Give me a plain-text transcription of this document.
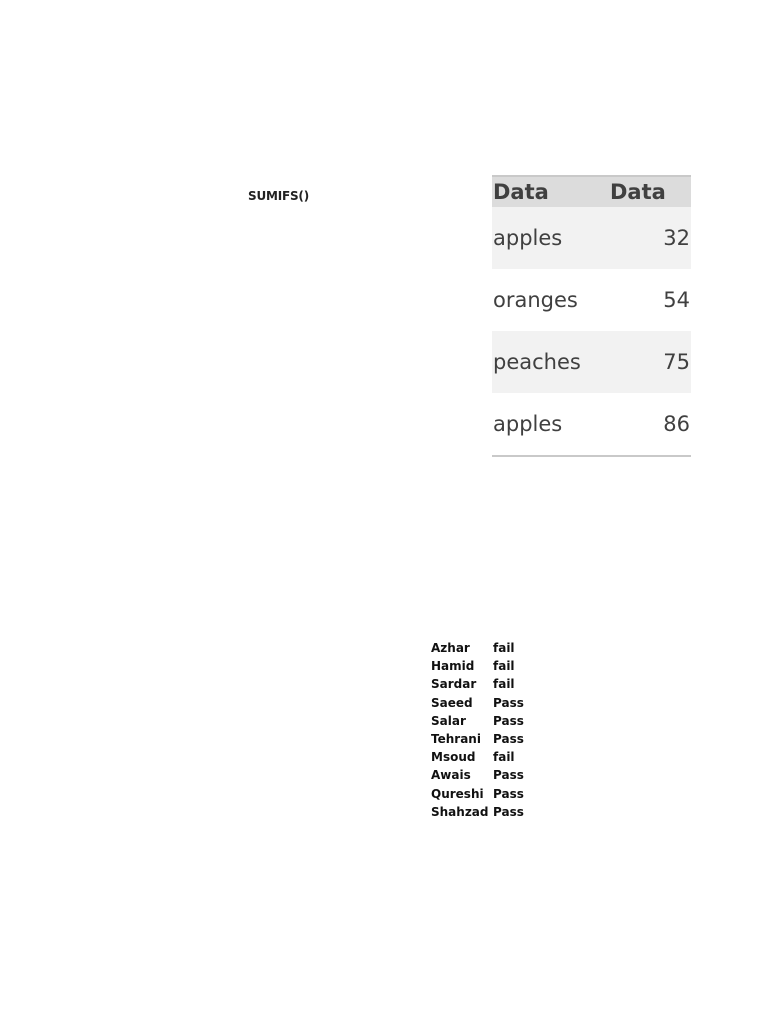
SUMIFS()	Data	Data
apples	32
oranges	54
peaches	75
apples	86
Azhar	fail
Hamid	fail
Sardar	fail
Saeed	Pass
Salar	Pass
Tehrani	Pass
Msoud	fail
Awais	Pass
Qureshi Pass
Shahzad Pass
